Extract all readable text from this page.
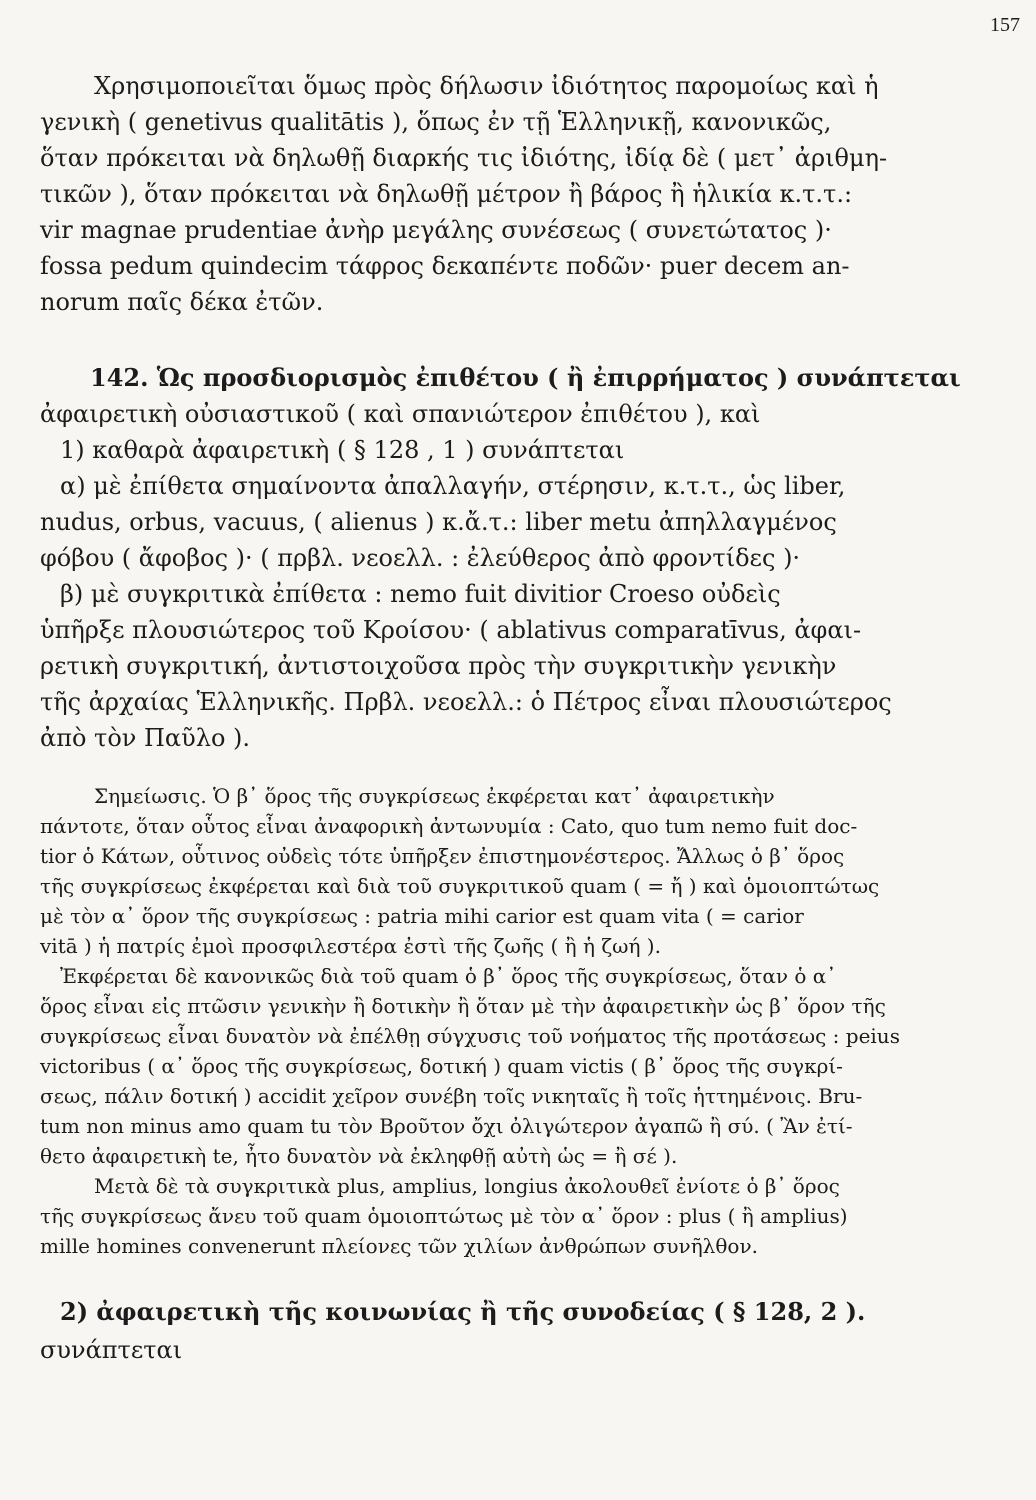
157
Χρησιμοποιεῖται ὅμως πρὸς δήλωσιν ἰδιότητος παρομοίως καὶ ἡ
γενικὴ ( genetivus qualitātis ), ὅπως ἐν τῇ Ἑλληνικῇ, κανονικῶς,
ὅταν πρόκειται νὰ δηλωθῇ διαρκής τις ἰδιότης, ἰδίᾳ δὲ ( μετ᾽ ἀριθμη-
τικῶν ), ὅταν πρόκειται νὰ δηλωθῇ μέτρον ἢ βάρος ἢ ἡλικία κ.τ.τ.:
vir magnae prudentiae ἀνὴρ μεγάλης συνέσεως ( συνετώτατος )·
fossa pedum quindecim τάφρος δεκαπέντε ποδῶν· puer decem an-
norum παῖς δέκα ἐτῶν.
142. Ὡς προσδιορισμὸς ἐπιθέτου ( ἢ ἐπιρρήματος ) συνάπτεται
ἀφαιρετικὴ οὐσιαστικοῦ ( καὶ σπανιώτερον ἐπιθέτου ), καὶ
1) καθαρὰ ἀφαιρετικὴ ( § 128 , 1 ) συνάπτεται
α) μὲ ἐπίθετα σημαίνοντα ἀπαλλαγήν, στέρησιν, κ.τ.τ., ὡς liber,
nudus, orbus, vacuus, ( alienus ) κ.ἄ.τ.: liber metu ἀπηλλαγμένος
φόβου ( ἄφοβος )· ( πρβλ. νεοελλ. : ἐλεύθερος ἀπὸ φροντίδες )·
β) μὲ συγκριτικὰ ἐπίθετα : nemo fuit divitior Croeso οὐδεὶς
ὑπῆρξε πλουσιώτερος τοῦ Κροίσου· ( ablativus comparatīvus, ἀφαι-
ρετικὴ συγκριτική, ἀντιστοιχοῦσα πρὸς τὴν συγκριτικὴν γενικὴν
τῆς ἀρχαίας Ἑλληνικῆς. Πρβλ. νεοελλ.: ὁ Πέτρος εἶναι πλουσιώτερος
ἀπὸ τὸν Παῦλο ).
Σημείωσις. Ὁ β᾽ ὅρος τῆς συγκρίσεως ἐκφέρεται κατ᾽ ἀφαιρετικὴν
πάντοτε, ὅταν οὗτος εἶναι ἀναφορικὴ ἀντωνυμία : Cato, quo tum nemo fuit doc-
tior ὁ Κάτων, οὗτινος οὐδεὶς τότε ὑπῆρξεν ἐπιστημονέστερος. Ἄλλως ὁ β᾽ ὅρος
τῆς συγκρίσεως ἐκφέρεται καὶ διὰ τοῦ συγκριτικοῦ quam ( = ἤ ) καὶ ὁμοιοπτώτως
μὲ τὸν α᾽ ὅρον τῆς συγκρίσεως : patria mihi carior est quam vita ( = carior
vitā ) ἡ πατρίς ἐμοὶ προσφιλεστέρα ἐστὶ τῆς ζωῆς ( ἢ ἡ ζωή ).
Ἐκφέρεται δὲ κανονικῶς διὰ τοῦ quam ὁ β᾽ ὅρος τῆς συγκρίσεως, ὅταν ὁ α᾽
ὅρος εἶναι εἰς πτῶσιν γενικὴν ἢ δοτικὴν ἢ ὅταν μὲ τὴν ἀφαιρετικὴν ὡς β᾽ ὅρον τῆς
συγκρίσεως εἶναι δυνατὸν νὰ ἐπέλθῃ σύγχυσις τοῦ νοήματος τῆς προτάσεως : peius
victoribus ( α᾽ ὅρος τῆς συγκρίσεως, δοτική ) quam victis ( β᾽ ὅρος τῆς συγκρί-
σεως, πάλιν δοτική ) accidit χεῖρον συνέβη τοῖς νικηταῖς ἢ τοῖς ἡττημένοις. Bru-
tum non minus amo quam tu τὸν Βροῦτον ὄχι ὀλιγώτερον ἀγαπῶ ἢ σύ. ( Ἂν ἐτί-
θετο ἀφαιρετικὴ te, ἦτο δυνατὸν νὰ ἐκληφθῇ αὐτὴ ὡς = ἢ σέ ).
Μετὰ δὲ τὰ συγκριτικὰ plus, amplius, longius ἀκολουθεῖ ἐνίοτε ὁ β᾽ ὅρος
τῆς συγκρίσεως ἄνευ τοῦ quam ὁμοιοπτώτως μὲ τὸν α᾽ ὅρον : plus ( ἢ amplius)
mille homines convenerunt πλείονες τῶν χιλίων ἀνθρώπων συνῆλθον.
2) ἀφαιρετικὴ τῆς κοινωνίας ἢ τῆς συνοδείας ( § 128, 2 ).
συνάπτεται
